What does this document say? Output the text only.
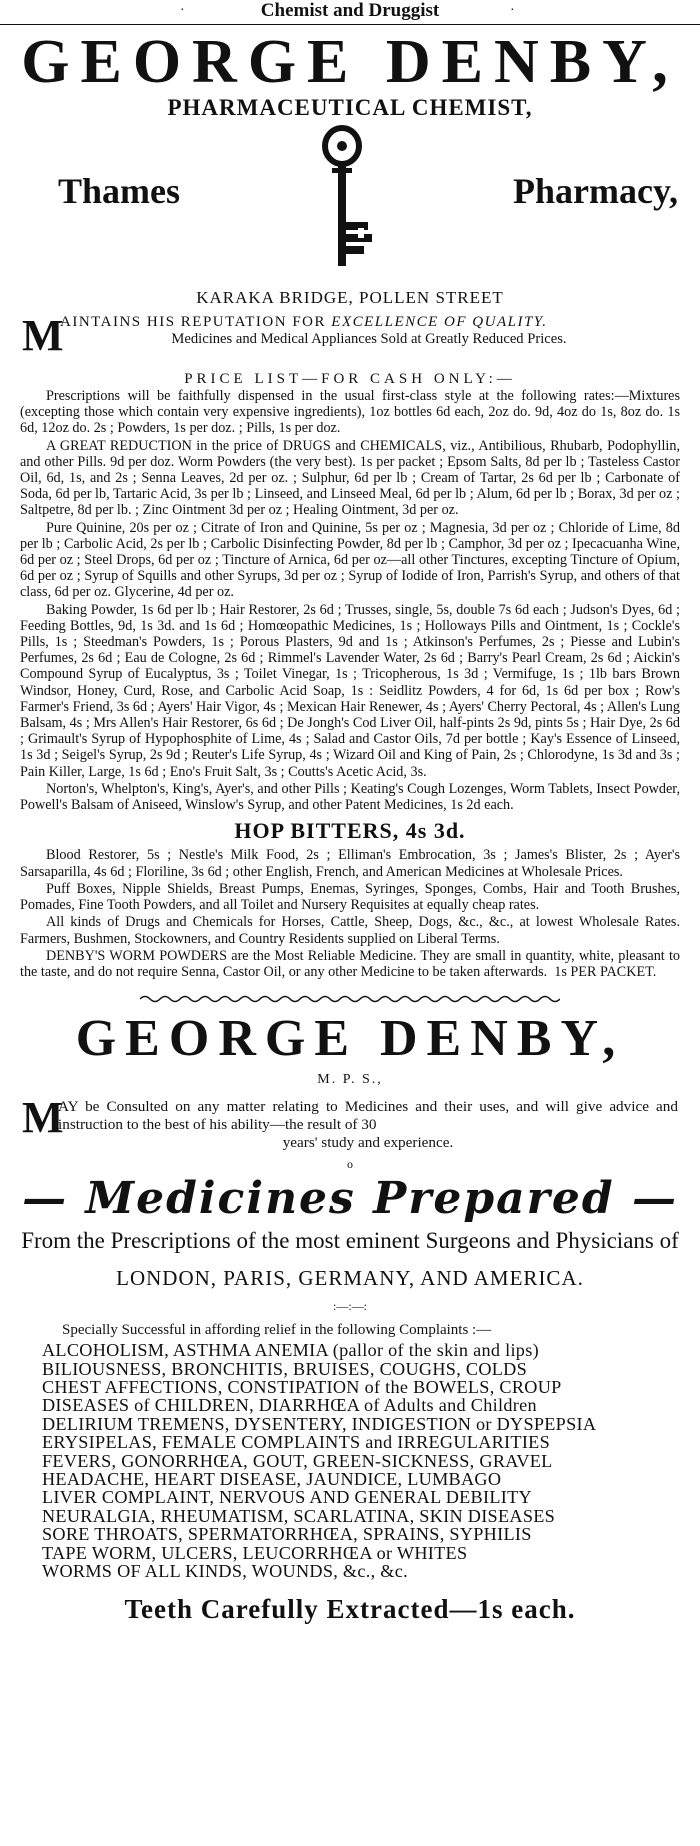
·	Chemist and Druggist	·
GEORGE DENBY,
PHARMACEUTICAL CHEMIST,
Thames	Pharmacy,
KARAKA BRIDGE, POLLEN STREET
M
AINTAINS HIS REPUTATION FOR EXCELLENCE OF QUALITY.
Medicines and Medical Appliances Sold at Greatly Reduced Prices.
PRICE LIST—FOR CASH ONLY:—

Prescriptions will be faithfully dispensed in the usual first-class style at the following rates:—Mixtures (excepting those which contain very expensive ingredients), 1oz bottles 6d each, 2oz do. 9d, 4oz do 1s, 8oz do. 1s 6d, 12oz do. 2s ; Powders, 1s per doz. ; Pills, 1s per doz.

A GREAT REDUCTION in the price of DRUGS and CHEMICALS, viz., Antibilious, Rhubarb, Podophyllin, and other Pills. 9d per doz. Worm Powders (the very best). 1s per packet ; Epsom Salts, 8d per lb ; Tasteless Castor Oil, 6d, 1s, and 2s ; Senna Leaves, 2d per oz. ; Sulphur, 6d per lb ; Cream of Tartar, 2s 6d per lb ; Carbonate of Soda, 6d per lb, Tartaric Acid, 3s per lb ; Linseed, and Linseed Meal, 6d per lb ; Alum, 6d per lb ; Borax, 3d per oz ; Saltpetre, 8d per lb. ; Zinc Ointment 3d per oz ; Healing Ointment, 3d per oz.

Pure Quinine, 20s per oz ; Citrate of Iron and Quinine, 5s per oz ; Magnesia, 3d per oz ; Chloride of Lime, 8d per lb ; Carbolic Acid, 2s per lb ; Carbolic Disinfecting Powder, 8d per lb ; Camphor, 3d per oz ; Ipecacuanha Wine, 6d per oz ; Steel Drops, 6d per oz ; Tincture of Arnica, 6d per oz—all other Tinctures, excepting Tincture of Opium, 6d per oz ; Syrup of Squills and other Syrups, 3d per oz ; Syrup of Iodide of Iron, Parrish's Syrup, and others of that class, 6d per oz. Glycerine, 4d per oz.

Baking Powder, 1s 6d per lb ; Hair Restorer, 2s 6d ; Trusses, single, 5s, double 7s 6d each ; Judson's Dyes, 6d ; Feeding Bottles, 9d, 1s 3d. and 1s 6d ; Homœopathic Medicines, 1s ; Holloways Pills and Ointment, 1s ; Cockle's Pills, 1s ; Steedman's Powders, 1s ; Porous Plasters, 9d and 1s ; Atkinson's Perfumes, 2s ; Piesse and Lubin's Perfumes, 2s 6d ; Eau de Cologne, 2s 6d ; Rimmel's Lavender Water, 2s 6d ; Barry's Pearl Cream, 2s 6d ; Aickin's Compound Syrup of Eucalyptus, 3s ; Toilet Vinegar, 1s ; Tricopherous, 1s 3d ; Vermifuge, 1s ; 1lb bars Brown Windsor, Honey, Curd, Rose, and Carbolic Acid Soap, 1s : Seidlitz Powders, 4 for 6d, 1s 6d per box ; Row's Farmer's Friend, 3s 6d ; Ayers' Hair Vigor, 4s ; Mexican Hair Renewer, 4s ; Ayers' Cherry Pectoral, 4s ; Allen's Lung Balsam, 4s ; Mrs Allen's Hair Restorer, 6s 6d ; De Jongh's Cod Liver Oil, half-pints 2s 9d, pints 5s ; Hair Dye, 2s 6d ; Grimault's Syrup of Hypophosphite of Lime, 4s ; Salad and Castor Oils, 7d per bottle ; Kay's Essence of Linseed, 1s 3d ; Seigel's Syrup, 2s 9d ; Reuter's Life Syrup, 4s ; Wizard Oil and King of Pain, 2s ; Chlorodyne, 1s 3d and 3s ; Pain Killer, Large, 1s 6d ; Eno's Fruit Salt, 3s ; Coutts's Acetic Acid, 3s.

Norton's, Whelpton's, King's, Ayer's, and other Pills ; Keating's Cough Lozenges, Worm Tablets, Insect Powder, Powell's Balsam of Aniseed, Winslow's Syrup, and other Patent Medicines, 1s 2d each.

HOP BITTERS, 4s 3d.

Blood Restorer, 5s ; Nestle's Milk Food, 2s ; Elliman's Embrocation, 3s ; James's Blister, 2s ; Ayer's Sarsaparilla, 4s 6d ; Floriline, 3s 6d ; other English, French, and American Medicines at Wholesale Prices.

Puff Boxes, Nipple Shields, Breast Pumps, Enemas, Syringes, Sponges, Combs, Hair and Tooth Brushes, Pomades, Fine Tooth Powders, and all Toilet and Nursery Requisites at equally cheap rates.

All kinds of Drugs and Chemicals for Horses, Cattle, Sheep, Dogs, &c., &c., at lowest Wholesale Rates. Farmers, Bushmen, Stockowners, and Country Residents supplied on Liberal Terms.

DENBY'S WORM POWDERS are the Most Reliable Medicine. They are small in quantity, white, pleasant to the taste, and do not require Senna, Castor Oil, or any other Medicine to be taken afterwards. 1s PER PACKET.

GEORGE DENBY,
M. P. S.,
M
AY be Consulted on any matter relating to Medicines and their uses, and will give advice and instruction to the best of his ability—the result of 30
years' study and experience.
o
— Medicines Prepared —
From the Prescriptions of the most eminent Surgeons and Physicians of
LONDON, PARIS, GERMANY, AND AMERICA.
:—:—:
Specially Successful in affording relief in the following Complaints :—
ALCOHOLISM, ASTHMA ANEMIA (pallor of the skin and lips)
BILIOUSNESS, BRONCHITIS, BRUISES, COUGHS, COLDS
CHEST AFFECTIONS, CONSTIPATION of the BOWELS, CROUP
DISEASES of CHILDREN, DIARRHŒA of Adults and Children
DELIRIUM TREMENS, DYSENTERY, INDIGESTION or DYSPEPSIA
ERYSIPELAS, FEMALE COMPLAINTS and IRREGULARITIES
FEVERS, GONORRHŒA, GOUT, GREEN-SICKNESS, GRAVEL
HEADACHE, HEART DISEASE, JAUNDICE, LUMBAGO
LIVER COMPLAINT, NERVOUS AND GENERAL DEBILITY
NEURALGIA, RHEUMATISM, SCARLATINA, SKIN DISEASES
SORE THROATS, SPERMATORRHŒA, SPRAINS, SYPHILIS
TAPE WORM, ULCERS, LEUCORRHŒA or WHITES
WORMS OF ALL KINDS, WOUNDS, &c., &c.
Teeth Carefully Extracted—1s each.
